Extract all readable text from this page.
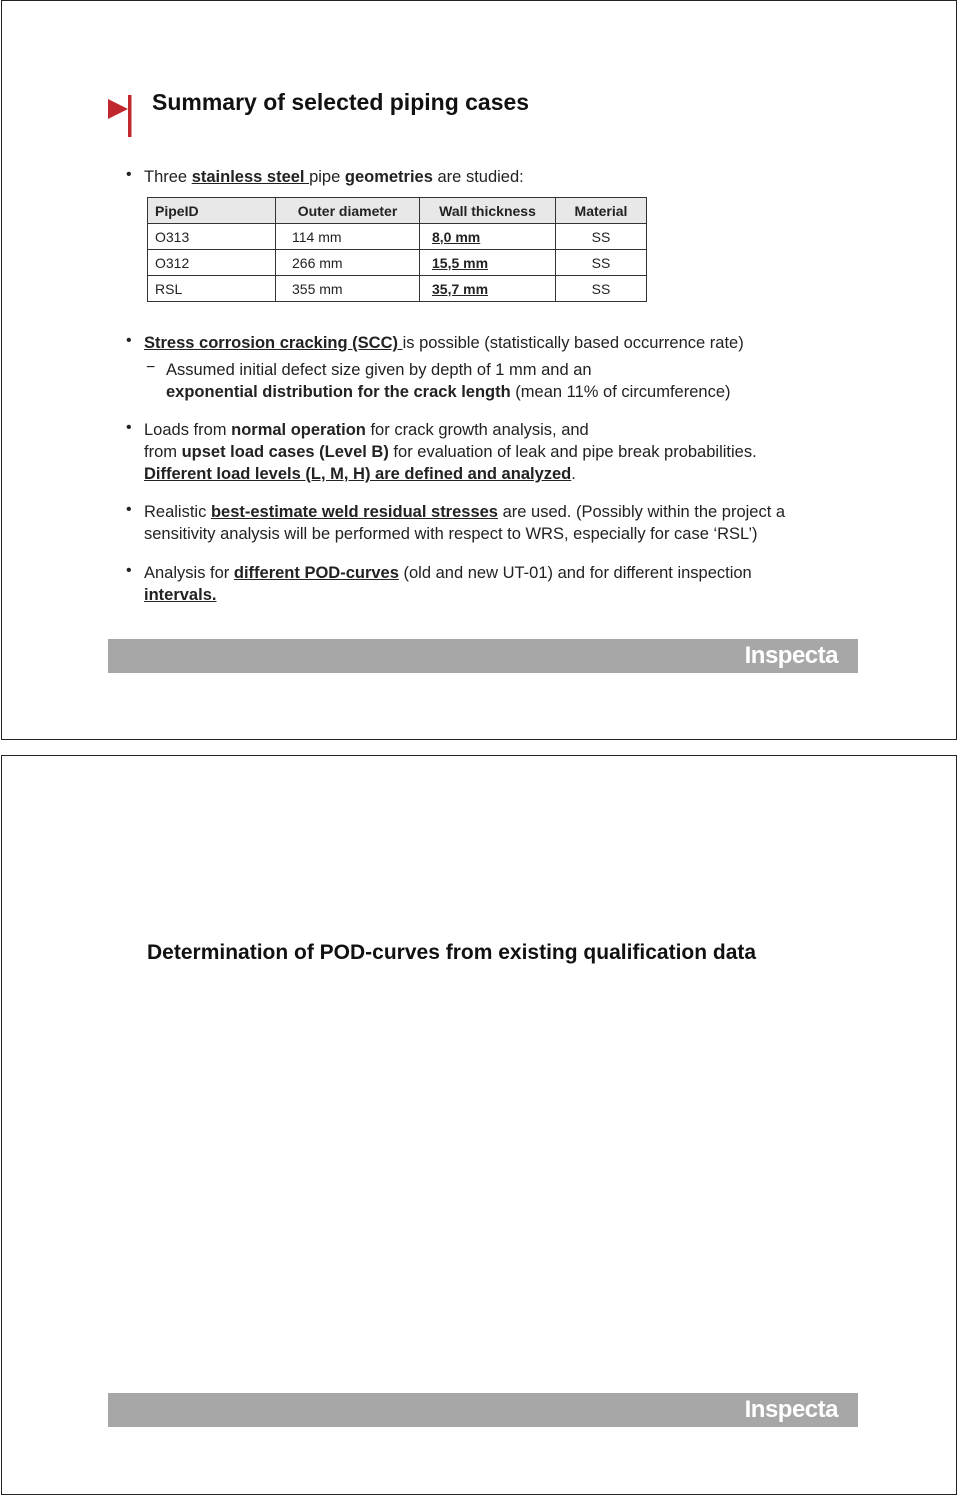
Summary of selected piping cases
• Three stainless steel pipe geometries are studied:
PipeID	Outer diameter	Wall thickness	Material
O313	114 mm	8,0 mm	SS
O312	266 mm	15,5 mm	SS
RSL	355 mm	35,7 mm	SS
• Stress corrosion cracking (SCC) is possible (statistically based occurrence rate)
− Assumed initial defect size given by depth of 1 mm and an
exponential distribution for the crack length (mean 11% of circumference)
• Loads from normal operation for crack growth analysis, and
from upset load cases (Level B) for evaluation of leak and pipe break probabilities.
Different load levels (L, M, H) are defined and analyzed.
• Realistic best-estimate weld residual stresses are used. (Possibly within the project a
sensitivity analysis will be performed with respect to WRS, especially for case ‘RSL’)
• Analysis for different POD-curves (old and new UT-01) and for different inspection
intervals.
Inspecta
Determination of POD-curves from existing qualification data
Inspecta
